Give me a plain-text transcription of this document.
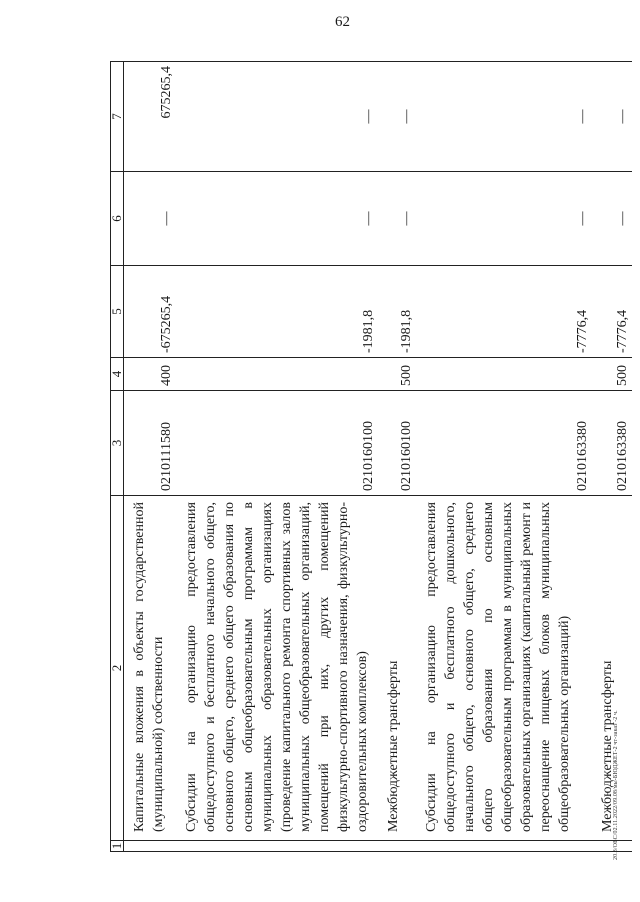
62
20.3/ОБС/02.11.2022/09.08/мы-БЮДЖЕТ-2 чт-заказ -2 ч.
1	2	3	4	5	6	7
	Капитальные вложения в объекты государственной (муниципальной) собственности	0210111580	400	-675265,4	—	675265,4
	Субсидии на организацию предоставления общедоступного и бесплатного начального общего, основного общего, среднего общего образования по основным общеобразовательным программам в муниципальных образовательных организациях (проведение капитального ремонта спортивных залов муниципальных общеобразовательных организаций, помещений при них, других помещений физкультурно-спортивного назначения, физкультурно-оздоровительных комплексов)	0210160100		-1981,8	—	—

	Межбюджетные трансферты	0210160100	500	-1981,8	—	—

	Субсидии на организацию предоставления общедоступного и бесплатного дошкольного, начального общего, основного общего, среднего общего образования по основным общеобразовательным программам в муниципальных образовательных организациях (капитальный ремонт и переоснащение пищевых блоков муниципальных общеобразовательных организаций)	0210163380		-7776,4	—	—

	Межбюджетные трансферты	0210163380	500	-7776,4	—	—
